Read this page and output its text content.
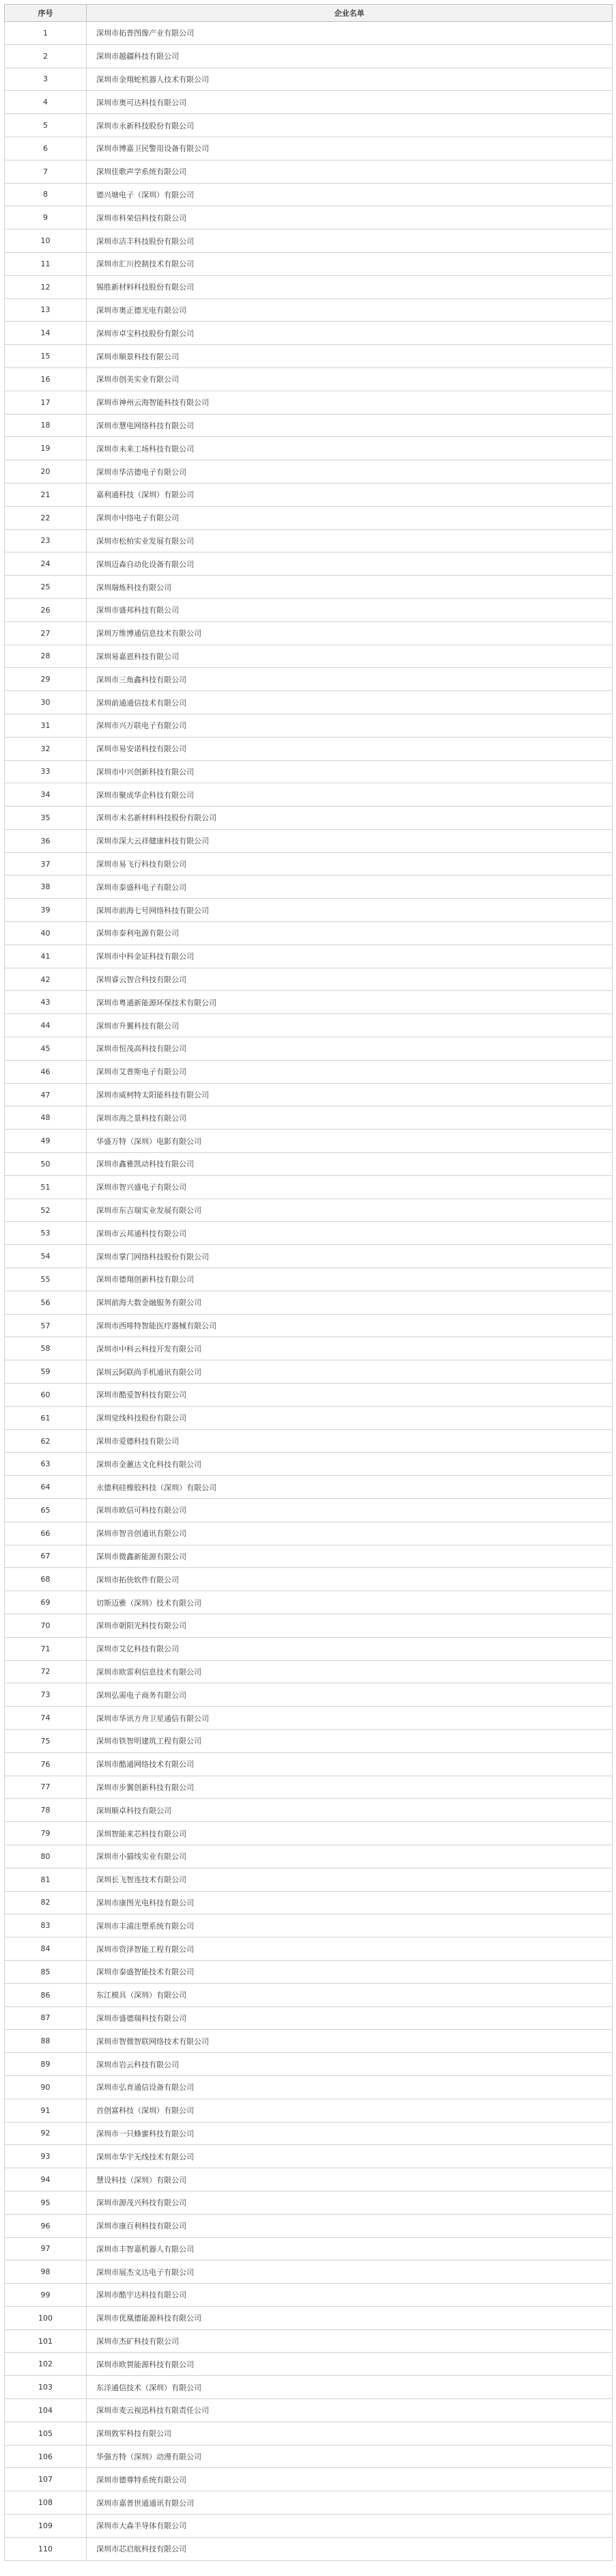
序号	企业名单
1	深圳市拓普图像产业有限公司
2	深圳市越疆科技有限公司
3	深圳市金翔蛇机器人技术有限公司
4	深圳市奥可达科技有限公司
5	深圳市永新科技股份有限公司
6	深圳市博嘉卫民警用设备有限公司
7	深圳佳歌声学系统有限公司
8	德兴塘电子（深圳）有限公司
9	深圳市科荣信科技有限公司
10	深圳市洁丰科技股份有限公司
11	深圳市汇川控制技术有限公司
12	锡胜新材料科技股份有限公司
13	深圳市奥正德光电有限公司
14	深圳市卓宝科技股份有限公司
15	深圳市顺景科技有限公司
16	深圳市创美实业有限公司
17	深圳市神州云海智能科技有限公司
18	深圳市慧电网络科技有限公司
19	深圳市未来工场科技有限公司
20	深圳市华洁德电子有限公司
21	嘉利通科技（深圳）有限公司
22	深圳市中络电子有限公司
23	深圳市松柏实业发展有限公司
24	深圳迈森自动化设备有限公司
25	深圳瑞炼科技有限公司
26	深圳市盛邦科技有限公司
27	深圳万维博通信息技术有限公司
28	深圳易嘉恩科技有限公司
29	深圳市三角鑫科技有限公司
30	深圳前通通信技术有限公司
31	深圳市兴万联电子有限公司
32	深圳市易安诺科技有限公司
33	深圳市中兴创新科技有限公司
34	深圳市聚成华企科技有限公司
35	深圳市未名新材料科技股份有限公司
36	深圳市深大云祥健康科技有限公司
37	深圳市易飞行科技有限公司
38	深圳市泰盛科电子有限公司
39	深圳市前海七号网络科技有限公司
40	深圳市泰利电源有限公司
41	深圳市中科金证科技有限公司
42	深圳睿云智合科技有限公司
43	深圳市粤通新能源环保技术有限公司
44	深圳市升翼科技有限公司
45	深圳市恒茂高科技有限公司
46	深圳市艾普斯电子有限公司
47	深圳市威柯特太阳能科技有限公司
48	深圳市海之景科技有限公司
49	华盛万特（深圳）电影有限公司
50	深圳市鑫雅凯动科技有限公司
51	深圳市智兴盛电子有限公司
52	深圳市东吉瑞实业发展有限公司
53	深圳市云邦通科技有限公司
54	深圳市掌门网络科技股份有限公司
55	深圳市德翔创新科技有限公司
56	深圳前海大数金融服务有限公司
57	深圳市西啡特智能医疗器械有限公司
58	深圳市中科云科技开发有限公司
59	深圳云阿联尚手机通讯有限公司
60	深圳市酷爱智科技有限公司
61	深圳觉线科技股份有限公司
62	深圳市爱德科技有限公司
63	深圳市金蕙达文化科技有限公司
64	永德利硅橡胶科技（深圳）有限公司
65	深圳市欧信可科技有限公司
66	深圳市智音创通讯有限公司
67	深圳市微鑫新能源有限公司
68	深圳市拓侠软件有限公司
69	切斯迈雅（深圳）技术有限公司
70	深圳市朝阳光科技有限公司
71	深圳市艾亿科技有限公司
72	深圳市欧雷利信息技术有限公司
73	深圳弘需电子商务有限公司
74	深圳市华讯方舟卫星通信有限公司
75	深圳市铁智明建筑工程有限公司
76	深圳市酷通网络技术有限公司
77	深圳市步翼创新科技有限公司
78	深圳顺卓科技有限公司
79	深圳智能来芯科技有限公司
80	深圳市小猫线实业有限公司
81	深圳长飞智连技术有限公司
82	深圳市康图光电科技有限公司
83	深圳市丰浦注塑系统有限公司
84	深圳市资泽智能工程有限公司
85	深圳市泰盛智能技术有限公司
86	东江模具（深圳）有限公司
87	深圳市盛德瑞科技有限公司
88	深圳市智微智联网络技术有限公司
89	深圳市岩云科技有限公司
90	深圳市弘育通信设备有限公司
91	首创富科技（深圳）有限公司
92	深圳市一只蜂蜜科技有限公司
93	深圳市华宇无线技术有限公司
94	慧设科技（深圳）有限公司
95	深圳市源茂兴科技有限公司
96	深圳市康百利科技有限公司
97	深圳市丰智嘉机器人有限公司
98	深圳市展杰文达电子有限公司
99	深圳市酷宇达科技有限公司
100	深圳市优凰德能源科技有限公司
101	深圳市杰矿科技有限公司
102	深圳市欧賀能源科技有限公司
103	东洋通信技术（深圳）有限公司
104	深圳市麦云视迅科技有限责任公司
105	深圳敦军科技有限公司
106	华强方特（深圳）动漫有限公司
107	深圳市德尊特系统有限公司
108	深圳市嘉普世通通讯有限公司
109	深圳市大森半导体有限公司
110	深圳市芯启航科技有限公司
